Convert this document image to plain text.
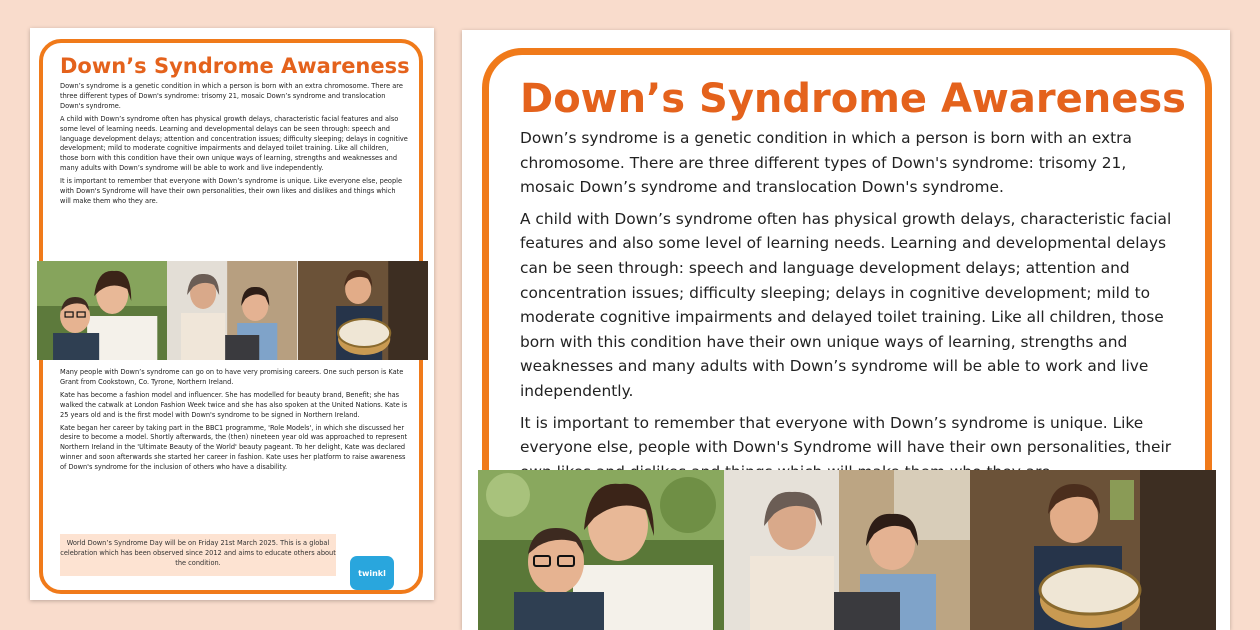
Down’s Syndrome Awareness

Down’s syndrome is a genetic condition in which a person is born with an extra chromosome. There are three different types of Down's syndrome: trisomy 21, mosaic Down’s syndrome and translocation Down's syndrome.

A child with Down’s syndrome often has physical growth delays, characteristic facial features and also some level of learning needs. Learning and developmental delays can be seen through: speech and language development delays; attention and concentration issues; difficulty sleeping; delays in cognitive development; mild to moderate cognitive impairments and delayed toilet training. Like all children, those born with this condition have their own unique ways of learning, strengths and weaknesses and many adults with Down’s syndrome will be able to work and live independently.

It is important to remember that everyone with Down’s syndrome is unique. Like everyone else, people with Down's Syndrome will have their own personalities, their own likes and dislikes and things which will make them who they are.

Many people with Down’s syndrome can go on to have very promising careers. One such person is Kate Grant from Cookstown, Co. Tyrone, Northern Ireland.

Kate has become a fashion model and influencer. She has modelled for beauty brand, Benefit; she has walked the catwalk at London Fashion Week twice and she has also spoken at the United Nations. Kate is 25 years old and is the first model with Down's syndrome to be signed in Northern Ireland.

Kate began her career by taking part in the BBC1 programme, 'Role Models', in which she discussed her desire to become a model. Shortly afterwards, the (then) nineteen year old was approached to represent Northern Ireland in the 'Ultimate Beauty of the World' beauty pageant. To her delight, Kate was declared winner and soon afterwards she started her career in fashion. Kate uses her platform to raise awareness of Down's syndrome for the inclusion of others who have a disability.

World Down’s Syndrome Day will be on Friday 21st March 2025. This is a global celebration which has been observed since 2012 and aims to educate others about the condition.
twinkl
Down’s Syndrome Awareness

Down’s syndrome is a genetic condition in which a person is born with an extra chromosome. There are three different types of Down's syndrome: trisomy 21, mosaic Down’s syndrome and translocation Down's syndrome.

A child with Down’s syndrome often has physical growth delays, characteristic facial features and also some level of learning needs. Learning and developmental delays can be seen through: speech and language development delays; attention and concentration issues; difficulty sleeping; delays in cognitive development; mild to moderate cognitive impairments and delayed toilet training. Like all children, those born with this condition have their own unique ways of learning, strengths and weaknesses and many adults with Down’s syndrome will be able to work and live independently.

It is important to remember that everyone with Down’s syndrome is unique. Like everyone else, people with Down's Syndrome will have their own personalities, their
